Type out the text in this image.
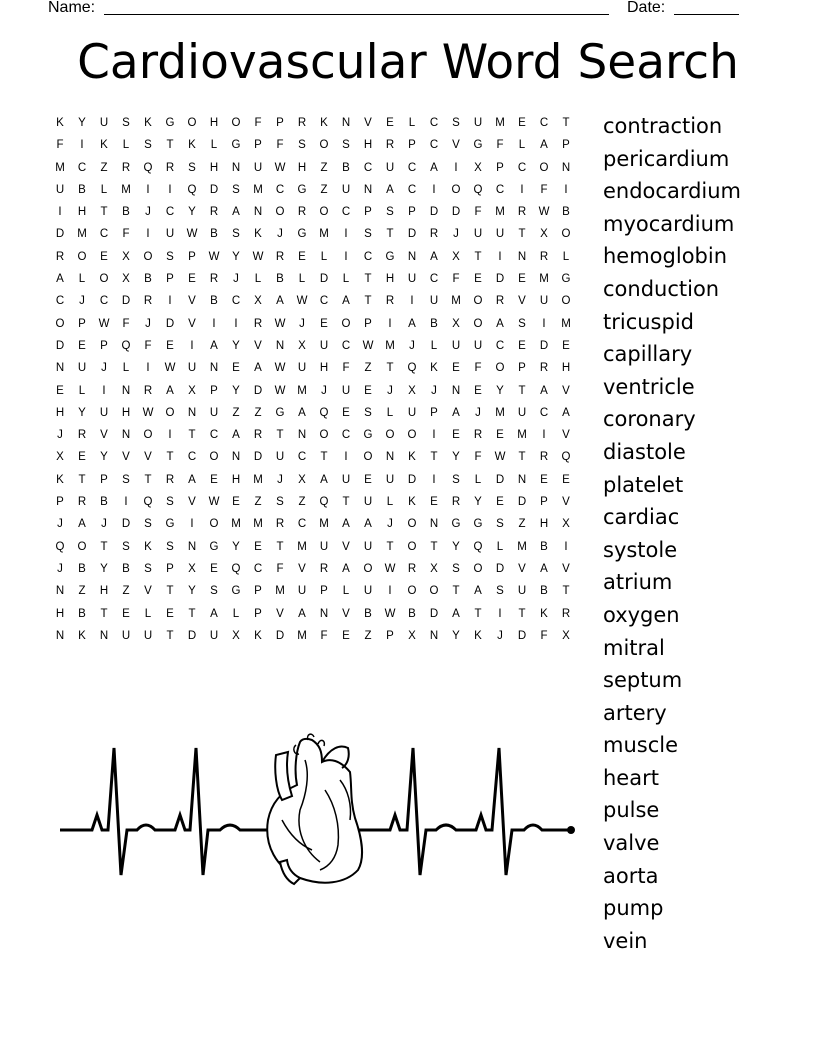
Name:	Date:
Cardiovascular Word Search
K	Y	U	S	K	G	O	H	O	F	P	R	K	N	V	E	L	C	S	U	M	E	C	T
F	I	K	L	S	T	K	L	G	P	F	S	O	S	H	R	P	C	V	G	F	L	A	P
M	C	Z	R	Q	R	S	H	N	U	W	H	Z	B	C	U	C	A	I	X	P	C	O	N
U	B	L	M	I	I	Q	D	S	M	C	G	Z	U	N	A	C	I	O	Q	C	I	F	I
I	H	T	B	J	C	Y	R	A	N	O	R	O	C	P	S	P	D	D	F	M	R	W	B
D	M	C	F	I	U	W	B	S	K	J	G	M	I	S	T	D	R	J	U	U	T	X	O
R	O	E	X	O	S	P	W	Y	W	R	E	L	I	C	G	N	A	X	T	I	N	R	L
A	L	O	X	B	P	E	R	J	L	B	L	D	L	T	H	U	C	F	E	D	E	M	G
C	J	C	D	R	I	V	B	C	X	A	W	C	A	T	R	I	U	M	O	R	V	U	O
O	P	W	F	J	D	V	I	I	R	W	J	E	O	P	I	A	B	X	O	A	S	I	M
D	E	P	Q	F	E	I	A	Y	V	N	X	U	C	W	M	J	L	U	U	C	E	D	E
N	U	J	L	I	W	U	N	E	A	W	U	H	F	Z	T	Q	K	E	F	O	P	R	H
E	L	I	N	R	A	X	P	Y	D	W	M	J	U	E	J	X	J	N	E	Y	T	A	V
H	Y	U	H	W	O	N	U	Z	Z	G	A	Q	E	S	L	U	P	A	J	M	U	C	A
J	R	V	N	O	I	T	C	A	R	T	N	O	C	G	O	O	I	E	R	E	M	I	V
X	E	Y	V	V	T	C	O	N	D	U	C	T	I	O	N	K	T	Y	F	W	T	R	Q
K	T	P	S	T	R	A	E	H	M	J	X	A	U	E	U	D	I	S	L	D	N	E	E
P	R	B	I	Q	S	V	W	E	Z	S	Z	Q	T	U	L	K	E	R	Y	E	D	P	V
J	A	J	D	S	G	I	O	M	M	R	C	M	A	A	J	O	N	G	G	S	Z	H	X
Q	O	T	S	K	S	N	G	Y	E	T	M	U	V	U	T	O	T	Y	Q	L	M	B	I
J	B	Y	B	S	P	X	E	Q	C	F	V	R	A	O	W	R	X	S	O	D	V	A	V
N	Z	H	Z	V	T	Y	S	G	P	M	U	P	L	U	I	O	O	T	A	S	U	B	T
H	B	T	E	L	E	T	A	L	P	V	A	N	V	B	W	B	D	A	T	I	T	K	R
N	K	N	U	U	T	D	U	X	K	D	M	F	E	Z	P	X	N	Y	K	J	D	F	X
contraction
pericardium
endocardium
myocardium
hemoglobin
conduction
tricuspid
capillary
ventricle
coronary
diastole
platelet
cardiac
systole
atrium
oxygen
mitral
septum
artery
muscle
heart
pulse
valve
aorta
pump
vein
